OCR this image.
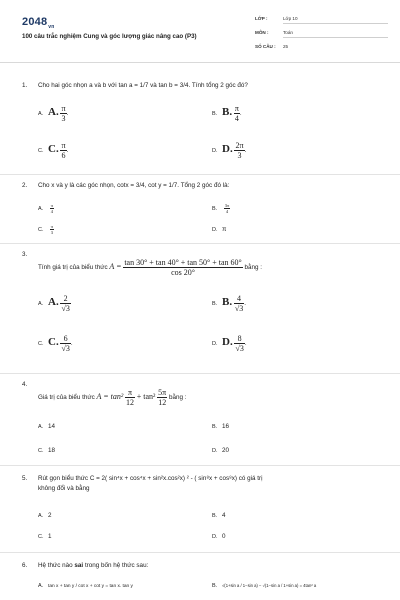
$2048_{vn}$
100 câu trắc nghiệm Cung và góc lượng giác nâng cao (P3)
LỚP :	Lớp 10
MÔN :	Toán
SỐ CÂU : 25
1. Cho hai góc nhọn a và b với tan a = 1/7 và tan b = 3/4. Tính tổng 2 góc đó?
A. A. $\frac{\pi}{3}$ .	B. B. $\frac{\pi}{4}$ .
C. C. $\frac{\pi}{6}$ .	D. D. $\frac{2\pi}{3}$ .
2. Cho x và y là các góc nhọn, cotx = 3/4, cot y = 1/7. Tổng 2 góc đó là:
A. $\frac{\pi}{4}$	B. $\frac{3\pi}{4}$
C. $\frac{\pi}{3}$	D. π
3.
Tính giá trị của biểu thức $A = \frac{\tan 30^\circ + \tan 40^\circ + \tan 50^\circ + \tan 60^\circ}{\cos 20^\circ}$ bằng :
A. A. $\frac{2}{√3}$	B. B. $\frac{4}{√3}$ .
C. C. $\frac{6}{√3}$ .	D. D. $\frac{8}{√3}$ .
4.
Giá trị của biểu thức $A = \tan^2 \frac{\pi}{12} + \tan^2 \frac{5\pi}{12}$ bằng :
A. 14	B. 16
C. 18	D. 20
5. Rút gọn biểu thức C = 2( sin⁴x + cos⁴x + sin²x.cos²x) ² - ( sin⁸x + cos⁸x) có giá trị
không đổi và bằng
A. 2	B. 4
C. 1	D. 0
6. Hệ thức nào sai trong bốn hệ thức sau:
A. tan x + tan y / cot x + cot y = tan x. tan y	B. √(1+sin a / 1−sin a) − √(1−sin a / 1+sin a) = 4tan² a
